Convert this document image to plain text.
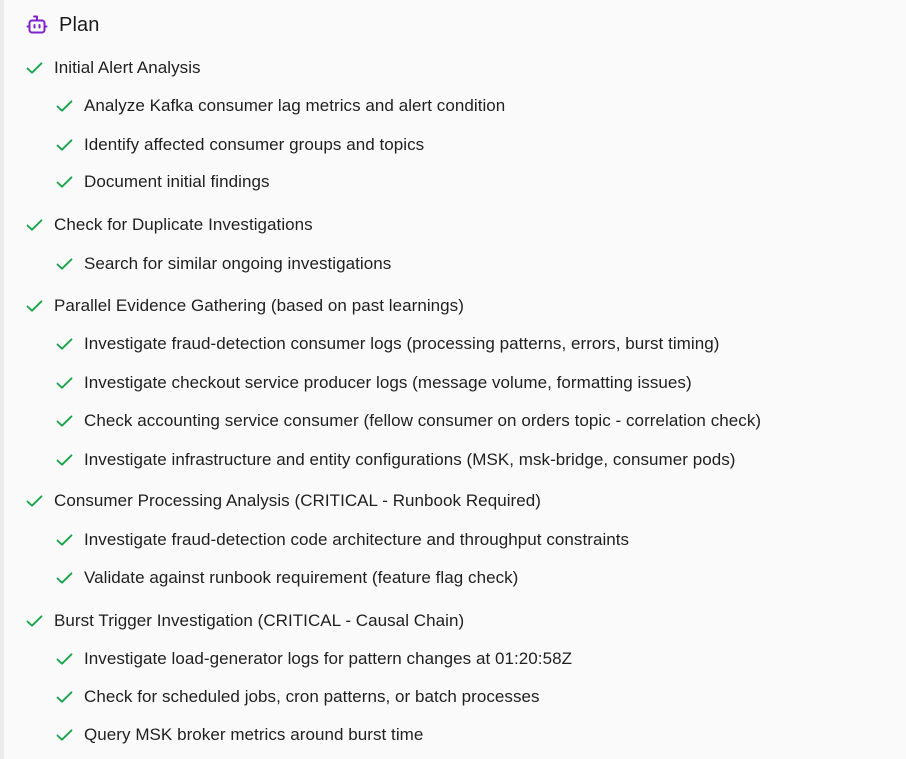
Plan
Initial Alert Analysis
Analyze Kafka consumer lag metrics and alert condition
Identify affected consumer groups and topics
Document initial findings
Check for Duplicate Investigations
Search for similar ongoing investigations
Parallel Evidence Gathering (based on past learnings)
Investigate fraud-detection consumer logs (processing patterns, errors, burst timing)
Investigate checkout service producer logs (message volume, formatting issues)
Check accounting service consumer (fellow consumer on orders topic - correlation check)
Investigate infrastructure and entity configurations (MSK, msk-bridge, consumer pods)
Consumer Processing Analysis (CRITICAL - Runbook Required)
Investigate fraud-detection code architecture and throughput constraints
Validate against runbook requirement (feature flag check)
Burst Trigger Investigation (CRITICAL - Causal Chain)
Investigate load-generator logs for pattern changes at 01:20:58Z
Check for scheduled jobs, cron patterns, or batch processes
Query MSK broker metrics around burst time
